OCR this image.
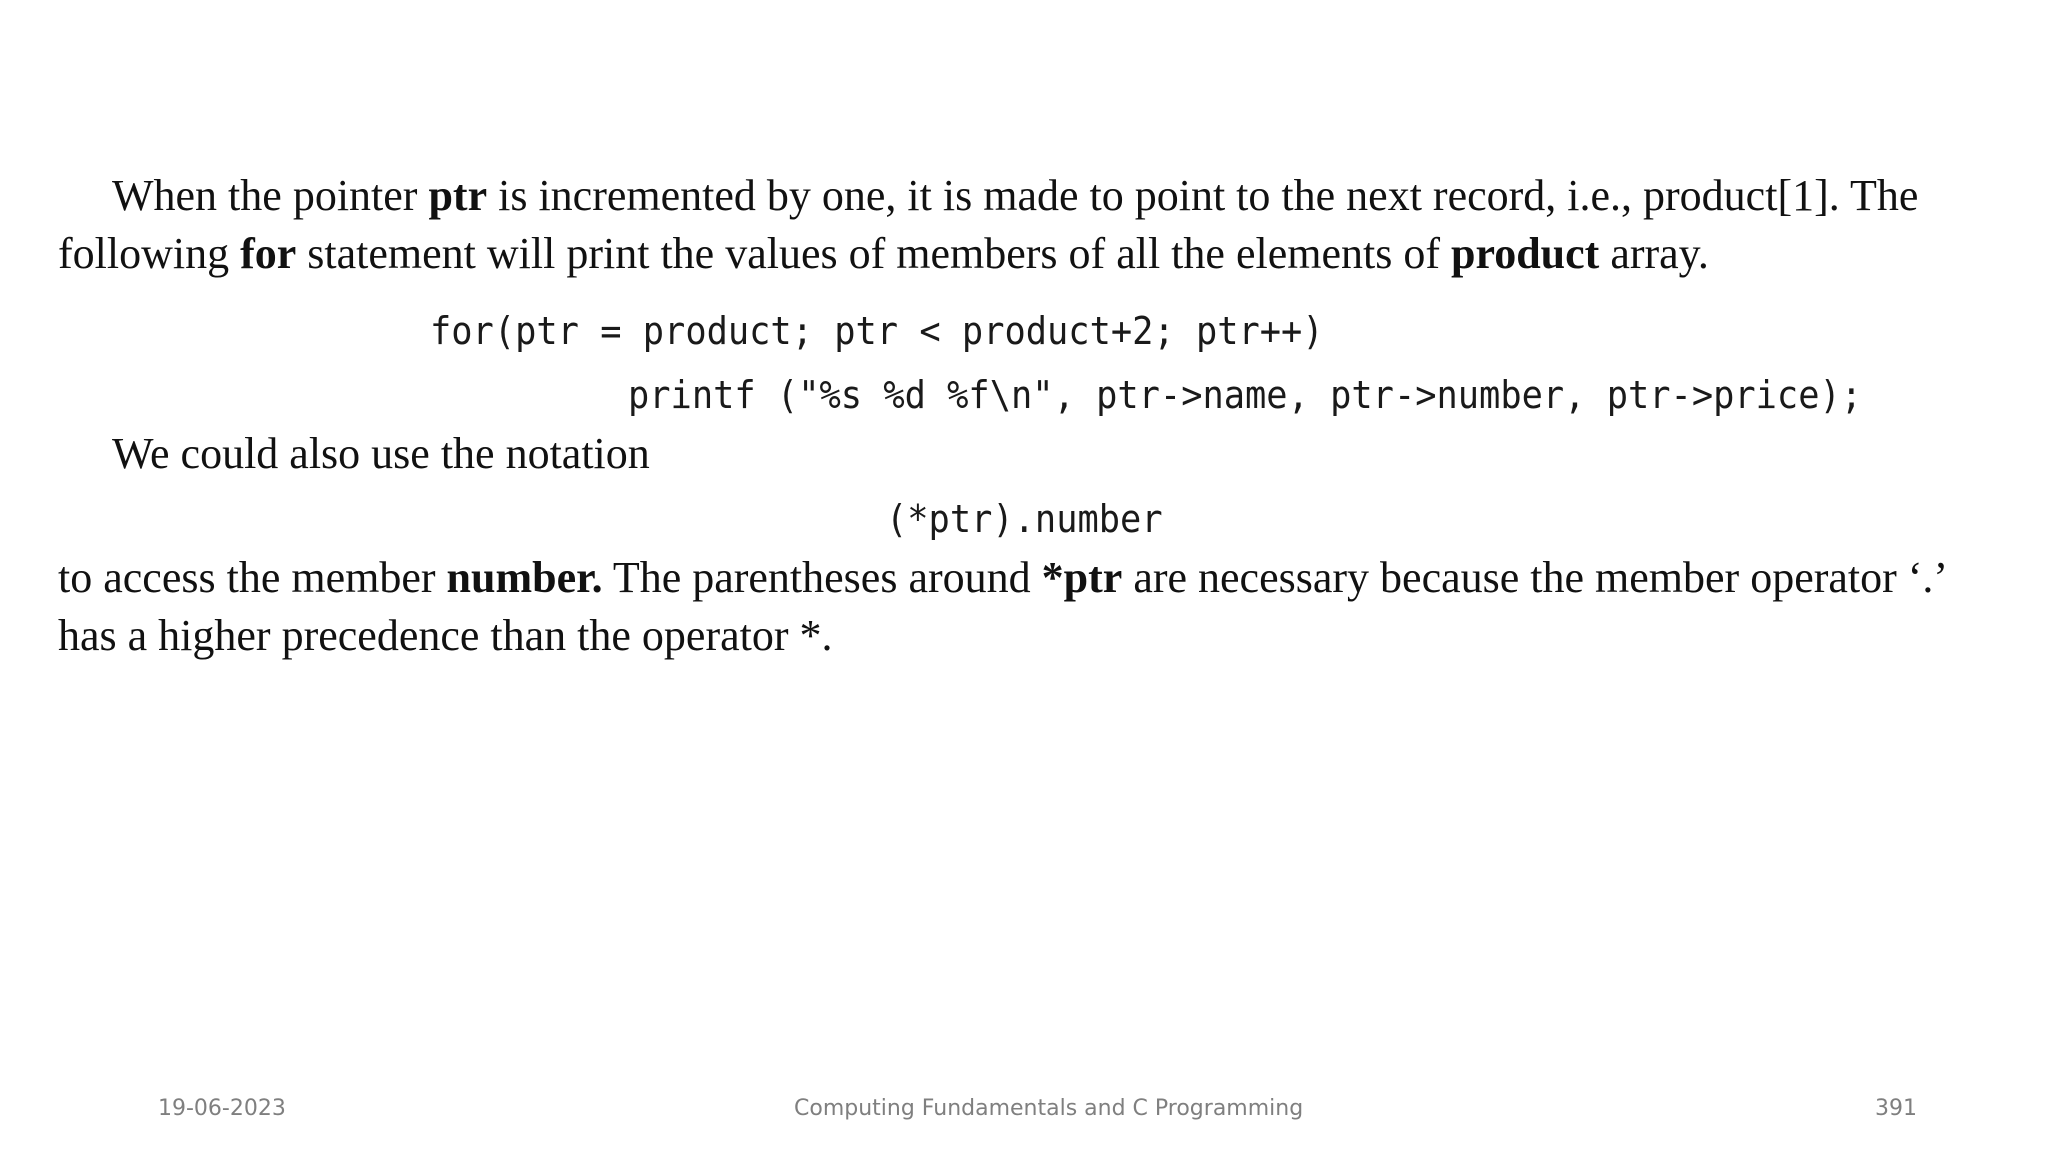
When the pointer ptr is incremented by one, it is made to point to the next record, i.e., product[1]. The
following for statement will print the values of members of all the elements of product array.
for(ptr = product; ptr < product+2; ptr++)
printf ("%s %d %f\n", ptr->name, ptr->number, ptr->price);
We could also use the notation
(*ptr).number
to access the member number. The parentheses around *ptr are necessary because the member operator ‘.’
has a higher precedence than the operator *.
19-06-2023	Computing Fundamentals and C Programming	391
